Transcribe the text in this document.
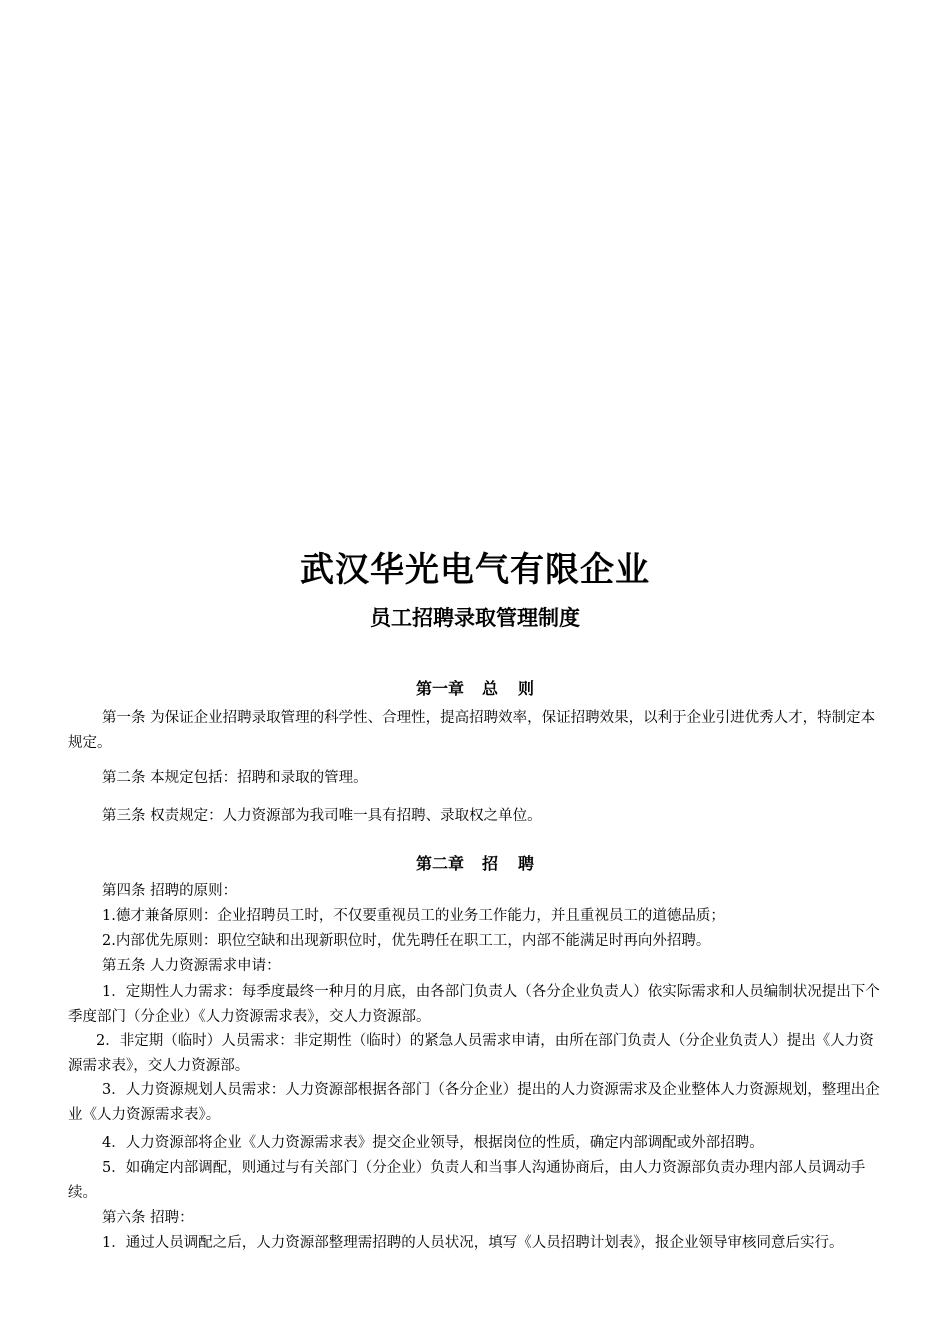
武汉华光电气有限企业
员工招聘录取管理制度
第一章 总 则
第一条 为保证企业招聘录取管理的科学性、合理性，提高招聘效率，保证招聘效果，以利于企业引进优秀人才，特制定本规定。
第二条 本规定包括：招聘和录取的管理。
第三条 权责规定：人力资源部为我司唯一具有招聘、录取权之单位。
第二章 招 聘
第四条 招聘的原则：
1.德才兼备原则：企业招聘员工时，不仅要重视员工的业务工作能力，并且重视员工的道德品质；
2.内部优先原则：职位空缺和出现新职位时，优先聘任在职工工，内部不能满足时再向外招聘。
第五条 人力资源需求申请：
1．定期性人力需求：每季度最终一种月的月底，由各部门负责人（各分企业负责人）依实际需求和人员编制状况提出下个季度部门（分企业）《人力资源需求表》，交人力资源部。
2．非定期（临时）人员需求：非定期性（临时）的紧急人员需求申请，由所在部门负责人（分企业负责人）提出《人力资源需求表》，交人力资源部。
3．人力资源规划人员需求：人力资源部根据各部门（各分企业）提出的人力资源需求及企业整体人力资源规划，整理出企业《人力资源需求表》。
4．人力资源部将企业《人力资源需求表》提交企业领导，根据岗位的性质，确定内部调配或外部招聘。
5．如确定内部调配，则通过与有关部门（分企业）负责人和当事人沟通协商后，由人力资源部负责办理内部人员调动手续。
第六条 招聘：
1．通过人员调配之后，人力资源部整理需招聘的人员状况，填写《人员招聘计划表》，报企业领导审核同意后实行。
